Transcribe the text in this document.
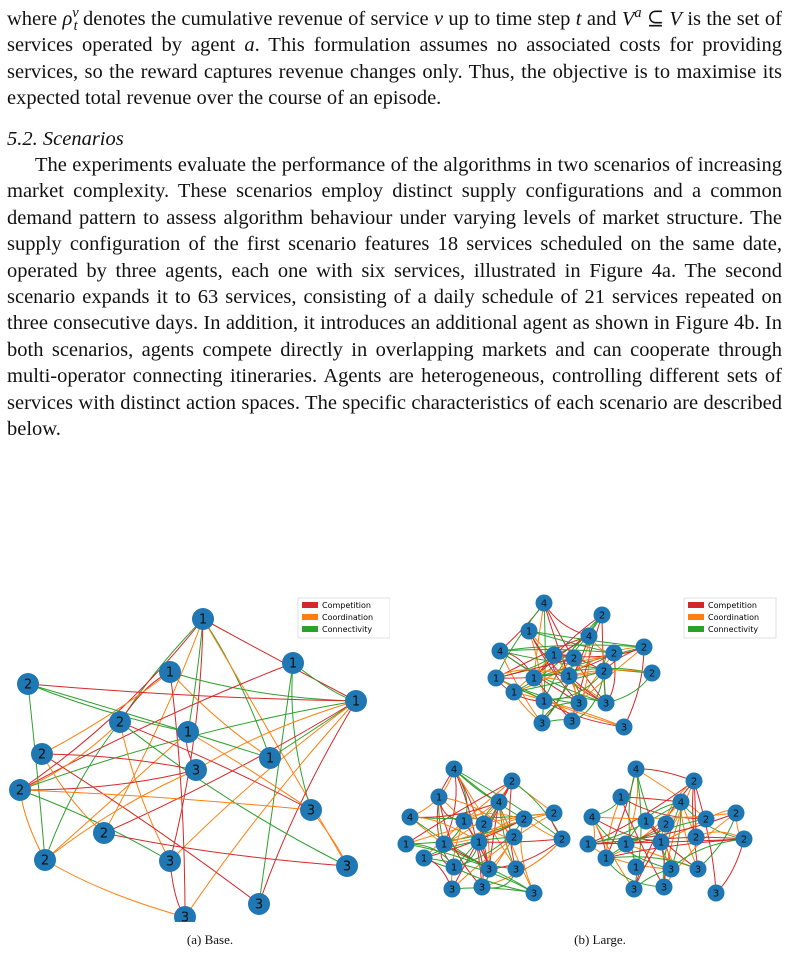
where $\rho^v_t$ denotes the cumulative revenue of service v up to time step t and $V^a$ ⊆ V is the set of services operated by agent a. This formulation assumes no associated costs for providing services, so the reward captures revenue changes only. Thus, the objective is to maximise its expected total revenue over the course of an episode.

5.2. Scenarios

The experiments evaluate the performance of the algorithms in two scenarios of increasing market complexity. These scenarios employ distinct supply configurations and a common demand pattern to assess algorithm behaviour under varying levels of market structure. The supply configuration of the first scenario features 18 services scheduled on the same date, operated by three agents, each one with six services, illustrated in Figure 4a. The second scenario expands it to 63 services, consisting of a daily schedule of 21 services repeated on three consecutive days. In addition, it introduces an additional agent as shown in Figure 4b. In both scenarios, agents compete directly in overlapping markets and can cooperate through multi-operator connecting itineraries. Agents are heterogeneous, controlling different sets of services with distinct action spaces. The specific characteristics of each scenario are described below.

1
1
1
1
1
1
2
2
2
2
2
2
3
3
3	3
3
3
Competition
Coordination
Connectivity
4
2
1	4
4	1 2	2
2
1
1	1	2	2
1
1	3 3
3 3
3
4
2
1	4
4	1 2	2
2
1
1	1	2	2
1
1	3 3
3 3
3
4
2
1	4
4	1 2	2
2
1
1	1	2	2
1
1	3 3
3 3
3
Competition
Coordination
Connectivity
(a) Base.	(b) Large.
